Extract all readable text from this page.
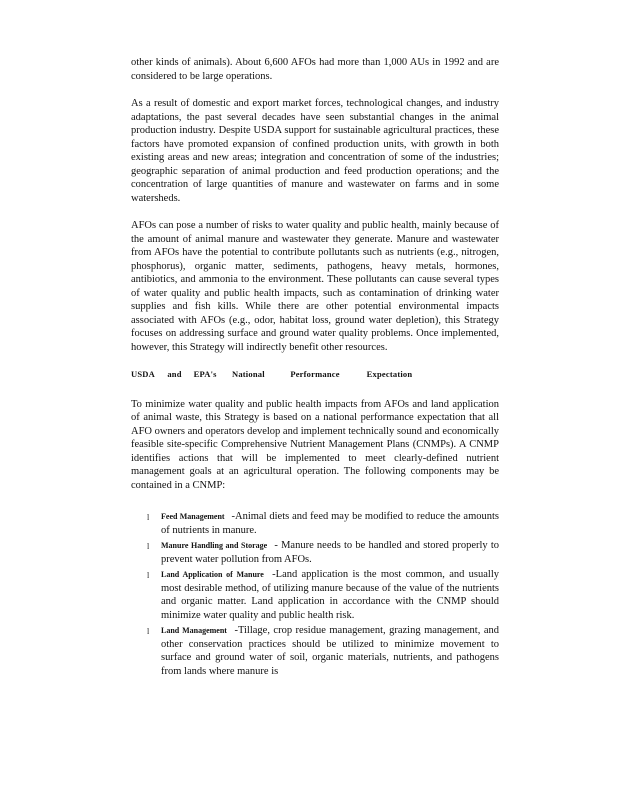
other kinds of animals). About 6,600 AFOs had more than 1,000 AUs in 1992 and are considered to be large operations.

As a result of domestic and export market forces, technological changes, and industry adaptations, the past several decades have seen substantial changes in the animal production industry. Despite USDA support for sustainable agricultural practices, these factors have promoted expansion of confined production units, with growth in both existing areas and new areas; integration and concentration of some of the industries; geographic separation of animal production and feed production operations; and the concentration of large quantities of manure and wastewater on farms and in some watersheds.

AFOs can pose a number of risks to water quality and public health, mainly because of the amount of animal manure and wastewater they generate. Manure and wastewater from AFOs have the potential to contribute pollutants such as nutrients (e.g., nitrogen, phosphorus), organic matter, sediments, pathogens, heavy metals, hormones, antibiotics, and ammonia to the environment. These pollutants can cause several types of water quality and public health impacts, such as contamination of drinking water supplies and fish kills. While there are other potential environmental impacts associated with AFOs (e.g., odor, habitat loss, ground water depletion), this Strategy focuses on addressing surface and ground water quality problems. Once implemented, however, this Strategy will indirectly benefit other resources.

USDA and EPA's National	Performance	Expectation

To minimize water quality and public health impacts from AFOs and land application of animal waste, this Strategy is based on a national performance expectation that all AFO owners and operators develop and implement technically sound and economically feasible site-specific Comprehensive Nutrient Management Plans (CNMPs). A CNMP identifies actions that will be implemented to meet clearly-defined nutrient management goals at an agricultural operation. The following components may be contained in a CNMP:

l Feed Management -Animal diets and feed may be modified to reduce the amounts of nutrients in manure.
l Manure Handling and Storage - Manure needs to be handled and stored properly to prevent water pollution from AFOs.
l Land Application of Manure -Land application is the most common, and usually most desirable method, of utilizing manure because of the value of the nutrients and organic matter. Land application in accordance with the CNMP should minimize water quality and public health risk.
l Land Management -Tillage, crop residue management, grazing management, and other conservation practices should be utilized to minimize movement to surface and ground water of soil, organic materials, nutrients, and pathogens from lands where manure is
